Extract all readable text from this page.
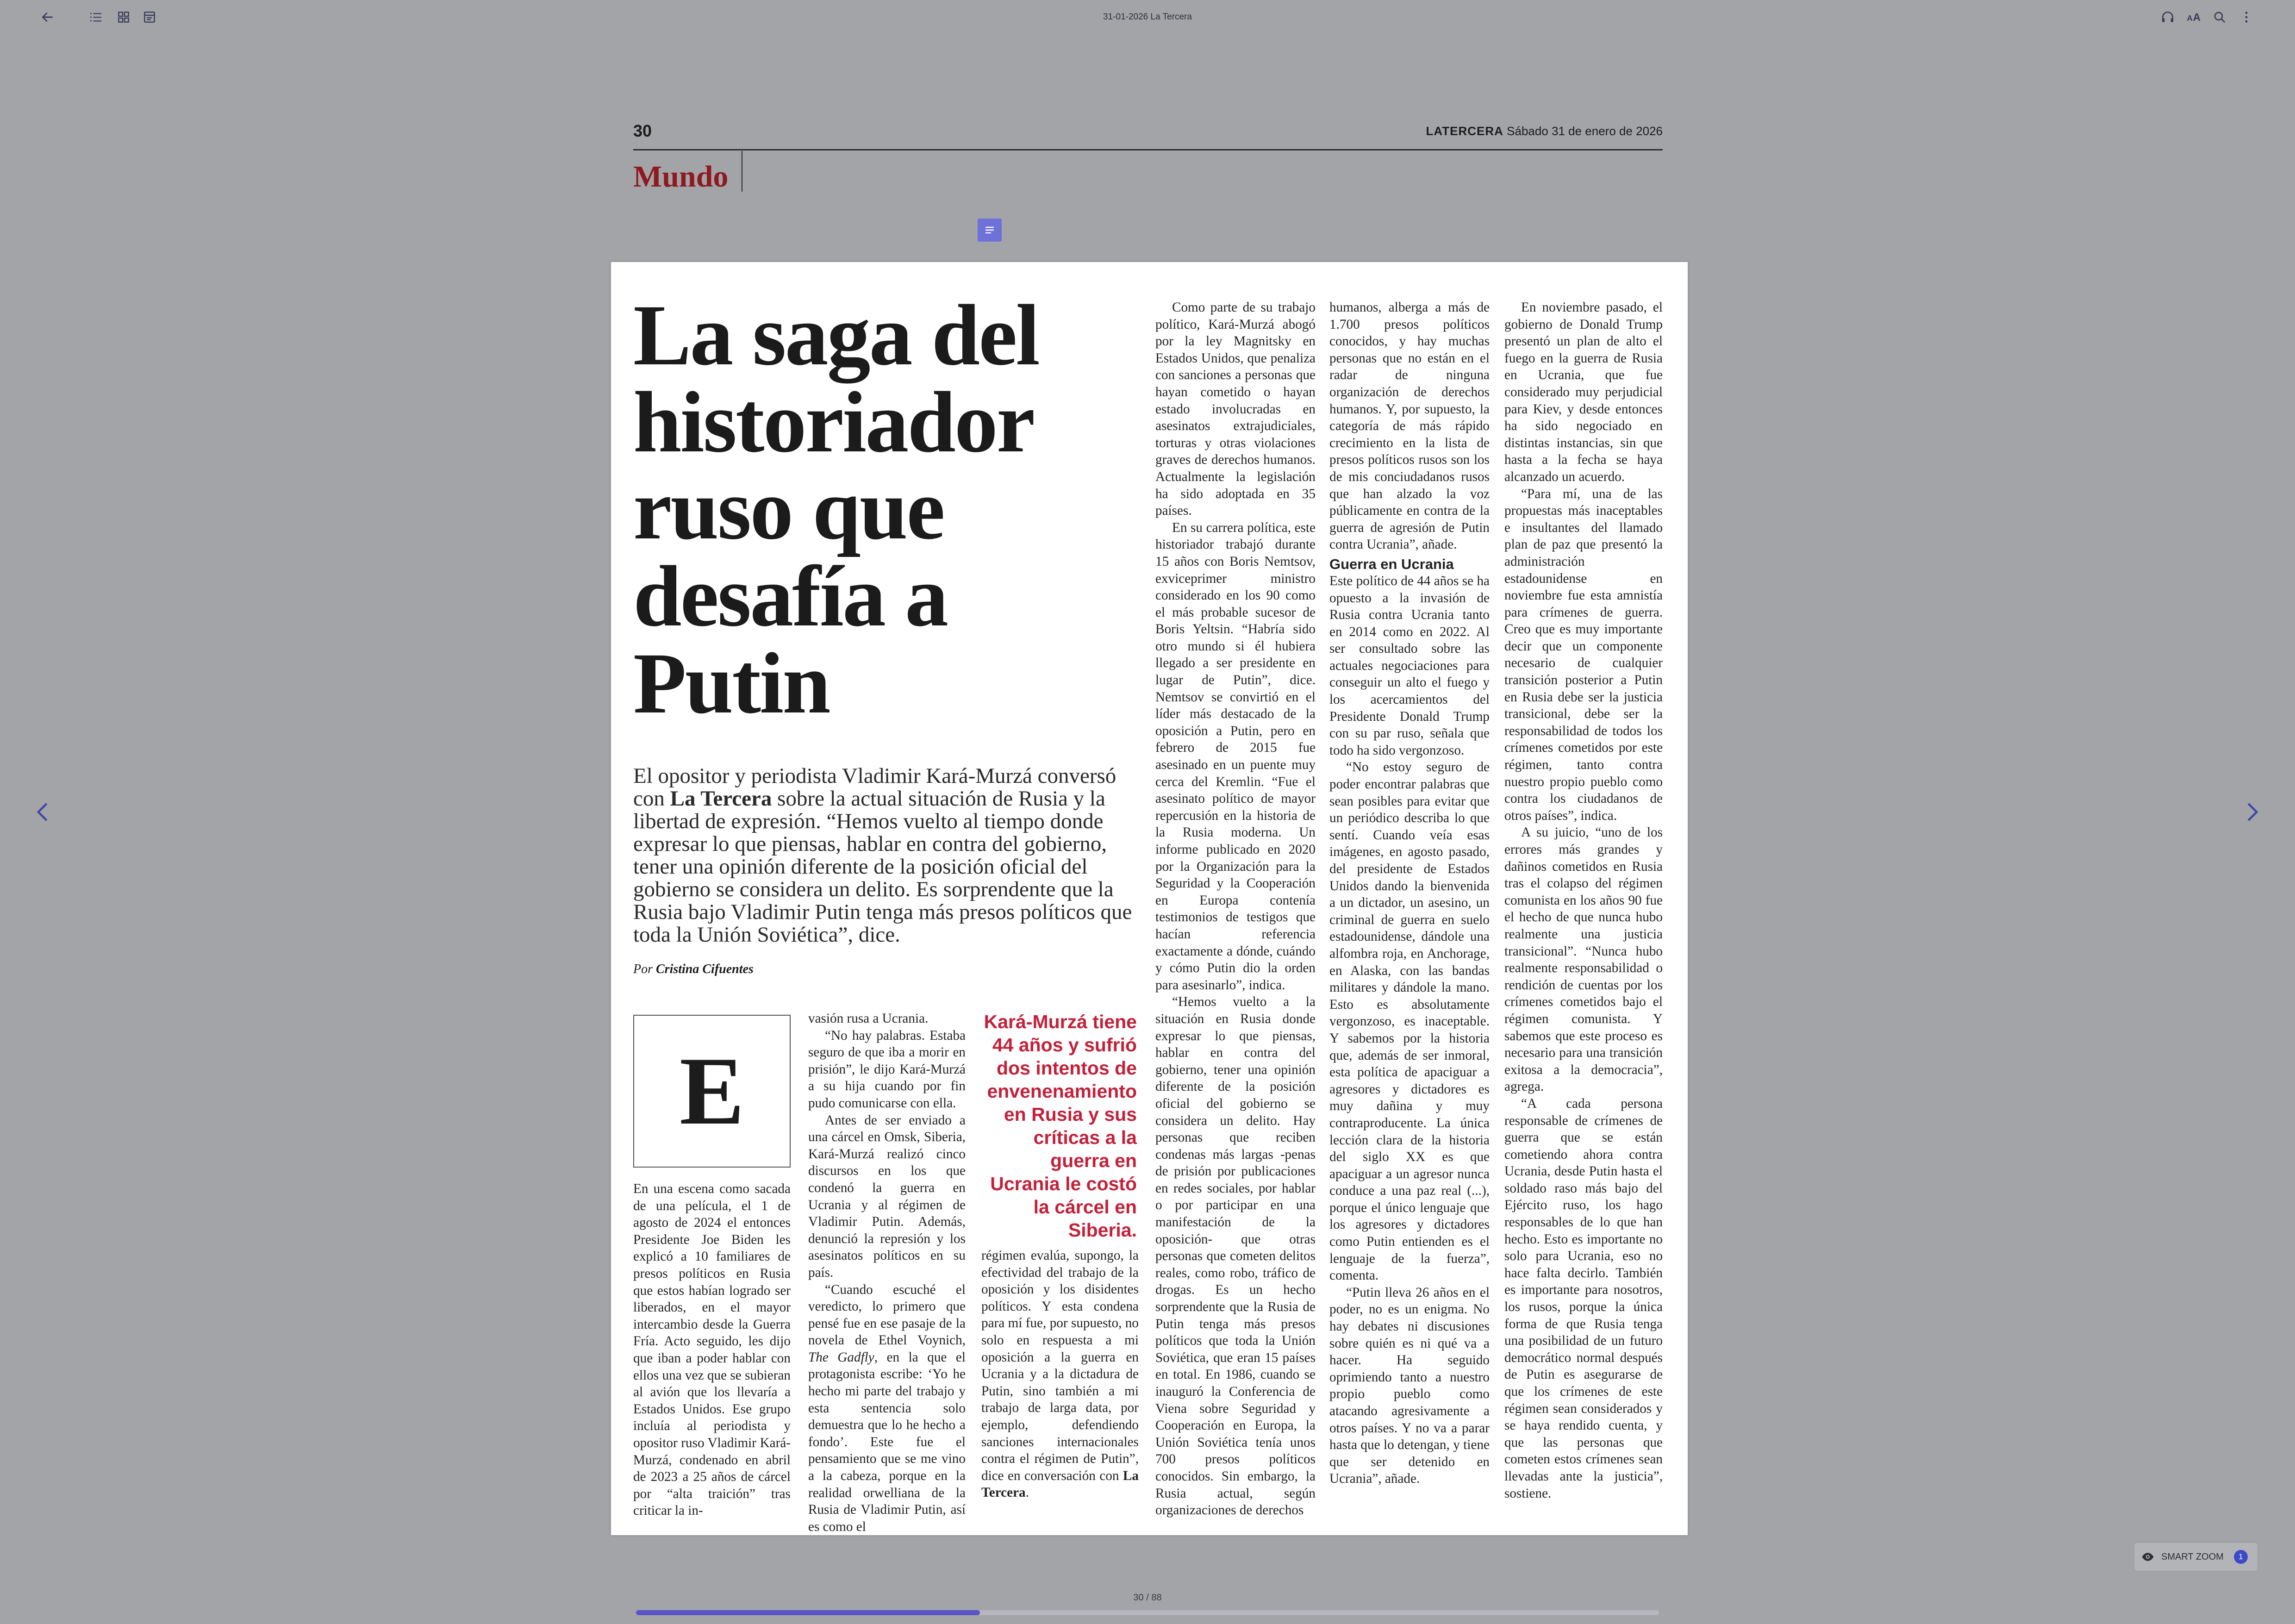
31-01-2026 La Tercera	A A
30	LATERCERA Sábado 31 de enero de 2026
Mundo
La saga del historiador ruso que desafía a Putin
El opositor y periodista Vladimir Kará-Murzá conversó con La Tercera sobre la actual situación de Rusia y la libertad de expresión. “Hemos vuelto al tiempo donde expresar lo que piensas, hablar en contra del gobierno, tener una opinión diferente de la posición oficial del gobierno se considera un delito. Es sorprendente que la Rusia bajo Vladimir Putin tenga más presos políticos que toda la Unión Soviética”, dice.
Por Cristina Cifuentes
E

En una escena como sacada de una película, el 1 de agosto de 2024 el entonces Presidente Joe Biden les explicó a 10 familiares de presos políticos en Rusia que estos habían logrado ser liberados, en el mayor intercambio desde la Guerra Fría. Acto seguido, les dijo que iban a poder hablar con ellos una vez que se subieran al avión que los llevaría a Estados Unidos. Ese grupo incluía al periodista y opositor ruso Vladimir Kará-Murzá, condenado en abril de 2023 a 25 años de cárcel por “alta traición” tras criticar la in-

vasión rusa a Ucrania.

“No hay palabras. Estaba seguro de que iba a morir en prisión”, le dijo Kará-Murzá a su hija cuando por fin pudo comunicarse con ella.

Antes de ser enviado a una cárcel en Omsk, Siberia, Kará-Murzá realizó cinco discursos en los que condenó la guerra en Ucrania y al régimen de Vladimir Putin. Además, denunció la represión y los asesinatos políticos en su país.

“Cuando escuché el veredicto, lo primero que pensé fue en ese pasaje de la novela de Ethel Voynich, The Gadfly, en la que el protagonista escribe: ‘Yo he hecho mi parte del trabajo y esta sentencia solo demuestra que lo he hecho a fondo’. Este fue el pensamiento que se me vino a la cabeza, porque en la realidad orwelliana de la Rusia de Vladimir Putin, así es como el

Kará-Murzá tiene 44 años y sufrió dos intentos de envenenamiento en Rusia y sus críticas a la guerra en Ucrania le costó la cárcel en Siberia.

régimen evalúa, supongo, la efectividad del trabajo de la oposición y los disidentes políticos. Y esta condena para mí fue, por supuesto, no solo en respuesta a mi oposición a la guerra en Ucrania y a la dictadura de Putin, sino también a mi trabajo de larga data, por ejemplo, defendiendo sanciones internacionales contra el régimen de Putin”, dice en conversación con La Tercera.

Como parte de su trabajo político, Kará-Murzá abogó por la ley Magnitsky en Estados Unidos, que penaliza con sanciones a personas que hayan cometido o hayan estado involucradas en asesinatos extrajudiciales, torturas y otras violaciones graves de derechos humanos. Actualmente la legislación ha sido adoptada en 35 países.

En su carrera política, este historiador trabajó durante 15 años con Boris Nemtsov, exviceprimer ministro considerado en los 90 como el más probable sucesor de Boris Yeltsin. “Habría sido otro mundo si él hubiera llegado a ser presidente en lugar de Putin”, dice. Nemtsov se convirtió en el líder más destacado de la oposición a Putin, pero en febrero de 2015 fue asesinado en un puente muy cerca del Kremlin. “Fue el asesinato político de mayor repercusión en la historia de la Rusia moderna. Un informe publicado en 2020 por la Organización para la Seguridad y la Cooperación en Europa contenía testimonios de testigos que hacían referencia exactamente a dónde, cuándo y cómo Putin dio la orden para asesinarlo”, indica.

“Hemos vuelto a la situación en Rusia donde expresar lo que piensas, hablar en contra del gobierno, tener una opinión diferente de la posición oficial del gobierno se considera un delito. Hay personas que reciben condenas más largas -penas de prisión por publicaciones en redes sociales, por hablar o por participar en una manifestación de la oposición- que otras personas que cometen delitos reales, como robo, tráfico de drogas. Es un hecho sorprendente que la Rusia de Putin tenga más presos políticos que toda la Unión Soviética, que eran 15 países en total. En 1986, cuando se inauguró la Conferencia de Viena sobre Seguridad y Cooperación en Europa, la Unión Soviética tenía unos 700 presos políticos conocidos. Sin embargo, la Rusia actual, según organizaciones de derechos

humanos, alberga a más de 1.700 presos políticos conocidos, y hay muchas personas que no están en el radar de ninguna organización de derechos humanos. Y, por supuesto, la categoría de más rápido crecimiento en la lista de presos políticos rusos son los de mis conciudadanos rusos que han alzado la voz públicamente en contra de la guerra de agresión de Putin contra Ucrania”, añade.

Guerra en Ucrania

Este político de 44 años se ha opuesto a la invasión de Rusia contra Ucrania tanto en 2014 como en 2022. Al ser consultado sobre las actuales negociaciones para conseguir un alto el fuego y los acercamientos del Presidente Donald Trump con su par ruso, señala que todo ha sido vergonzoso.

“No estoy seguro de poder encontrar palabras que sean posibles para evitar que un periódico describa lo que sentí. Cuando veía esas imágenes, en agosto pasado, del presidente de Estados Unidos dando la bienvenida a un dictador, un asesino, un criminal de guerra en suelo estadounidense, dándole una alfombra roja, en Anchorage, en Alaska, con las bandas militares y dándole la mano. Esto es absolutamente vergonzoso, es inaceptable. Y sabemos por la historia que, además de ser inmoral, esta política de apaciguar a agresores y dictadores es muy dañina y muy contraproducente. La única lección clara de la historia del siglo XX es que apaciguar a un agresor nunca conduce a una paz real (...), porque el único lenguaje que los agresores y dictadores como Putin entienden es el lenguaje de la fuerza”, comenta.

“Putin lleva 26 años en el poder, no es un enigma. No hay debates ni discusiones sobre quién es ni qué va a hacer. Ha seguido oprimiendo tanto a nuestro propio pueblo como atacando agresivamente a otros países. Y no va a parar hasta que lo detengan, y tiene que ser detenido en Ucrania”, añade.

En noviembre pasado, el gobierno de Donald Trump presentó un plan de alto el fuego en la guerra de Rusia en Ucrania, que fue considerado muy perjudicial para Kiev, y desde entonces ha sido negociado en distintas instancias, sin que hasta a la fecha se haya alcanzado un acuerdo.

“Para mí, una de las propuestas más inaceptables e insultantes del llamado plan de paz que presentó la administración estadounidense en noviembre fue esta amnistía para crímenes de guerra. Creo que es muy importante decir que un componente necesario de cualquier transición posterior a Putin en Rusia debe ser la justicia transicional, debe ser la responsabilidad de todos los crímenes cometidos por este régimen, tanto contra nuestro propio pueblo como contra los ciudadanos de otros países”, indica.

A su juicio, “uno de los errores más grandes y dañinos cometidos en Rusia tras el colapso del régimen comunista en los años 90 fue el hecho de que nunca hubo realmente una justicia transicional”. “Nunca hubo realmente responsabilidad o rendición de cuentas por los crímenes cometidos bajo el régimen comunista. Y sabemos que este proceso es necesario para una transición exitosa a la democracia”, agrega.

“A cada persona responsable de crímenes de guerra que se están cometiendo ahora contra Ucrania, desde Putin hasta el soldado raso más bajo del Ejército ruso, los hago responsables de lo que han hecho. Esto es importante no solo para Ucrania, eso no hace falta decirlo. También es importante para nosotros, los rusos, porque la única forma de que Rusia tenga una posibilidad de un futuro democrático normal después de Putin es asegurarse de que los crímenes de este régimen sean considerados y se haya rendido cuenta, y que las personas que cometen estos crímenes sean llevadas ante la justicia”, sostiene.

SMART ZOOM	1
30 / 88
